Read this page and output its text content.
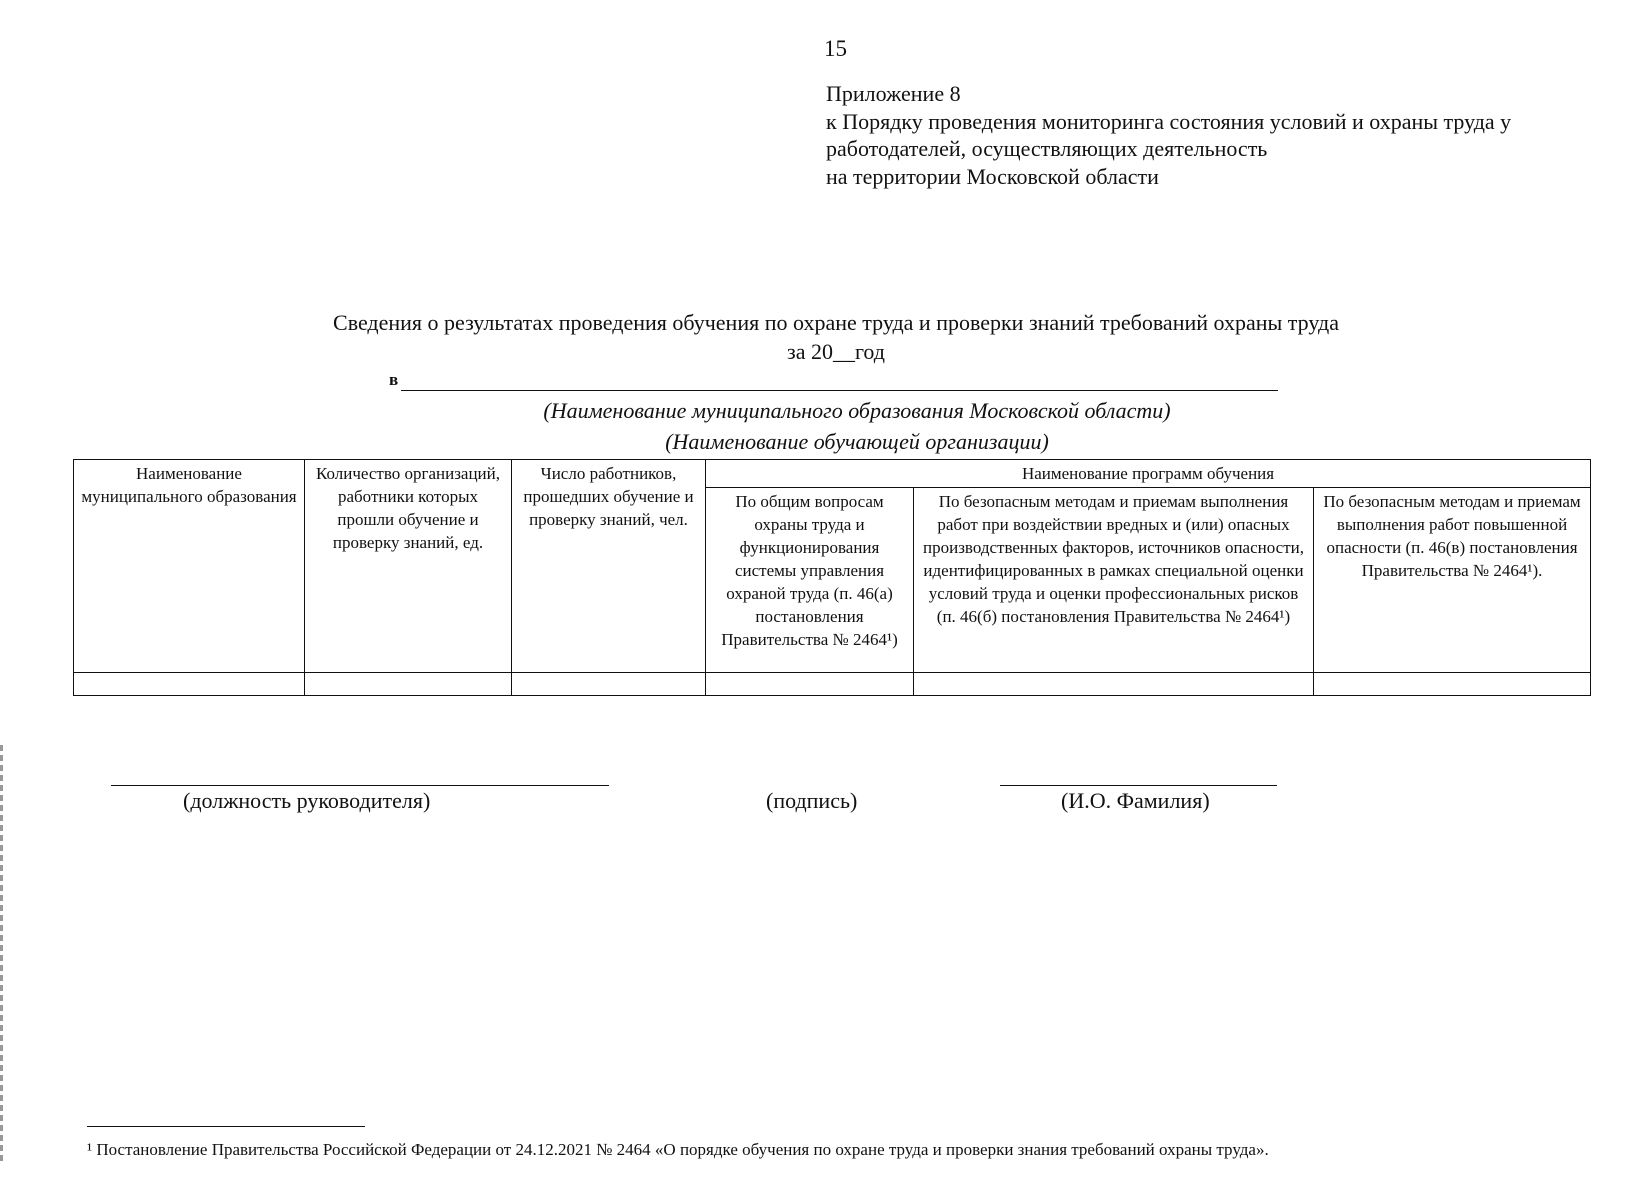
15
Приложение 8
к Порядку проведения мониторинга состояния условий и охраны труда у
работодателей, осуществляющих деятельность
на территории Московской области
Сведения о результатах проведения обучения по охране труда и проверки знаний требований охраны труда
за 20__год
в
(Наименование муниципального образования Московской области)
(Наименование обучающей организации)
Наименование муниципального образования	Количество организаций, работники которых прошли обучение и проверку знаний, ед.	Число работников, прошедших обучение и проверку знаний, чел.	Наименование программ обучения		
			По общим вопросам охраны труда и функционирования системы управления охраной труда (п. 46(а) постановления Правительства № 2464¹)	По безопасным методам и приемам выполнения работ при воздействии вредных и (или) опасных производственных факторов, источников опасности, идентифицированных в рамках специальной оценки условий труда и оценки профессиональных рисков (п. 46(б) постановления Правительства № 2464¹)	По безопасным методам и приемам выполнения работ повышенной опасности (п. 46(в) постановления Правительства № 2464¹).

(должность руководителя)	(подпись)	(И.О. Фамилия)
¹ Постановление Правительства Российской Федерации от 24.12.2021 № 2464 «О порядке обучения по охране труда и проверки знания требований охраны труда».
